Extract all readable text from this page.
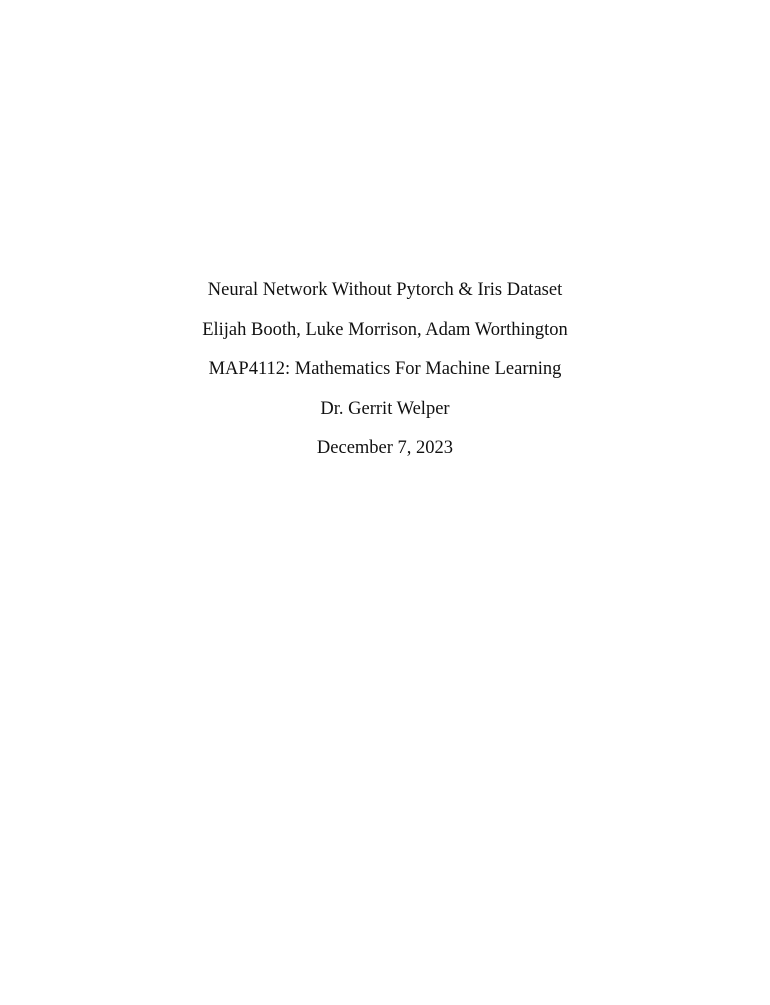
Neural Network Without Pytorch & Iris Dataset
Elijah Booth, Luke Morrison, Adam Worthington
MAP4112: Mathematics For Machine Learning
Dr. Gerrit Welper
December 7, 2023
